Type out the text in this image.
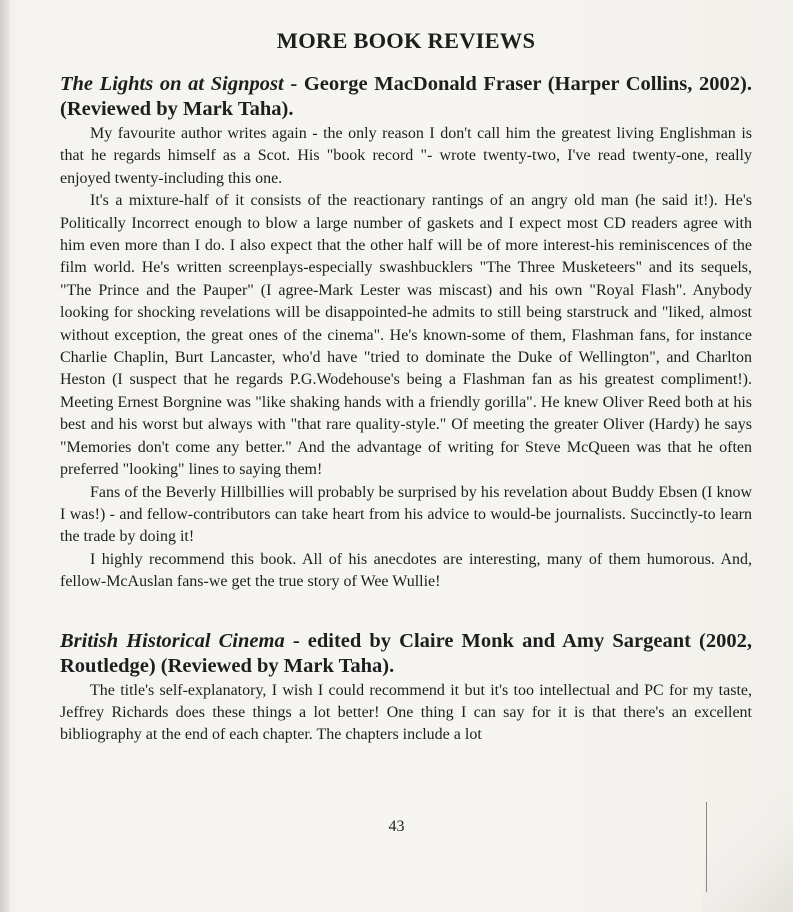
MORE BOOK REVIEWS
The Lights on at Signpost - George MacDonald Fraser (Harper Collins, 2002). (Reviewed by Mark Taha).

My favourite author writes again - the only reason I don't call him the greatest living Englishman is that he regards himself as a Scot. His "book record "- wrote twenty-two, I've read twenty-one, really enjoyed twenty-including this one.

It's a mixture-half of it consists of the reactionary rantings of an angry old man (he said it!). He's Politically Incorrect enough to blow a large number of gaskets and I expect most CD readers agree with him even more than I do. I also expect that the other half will be of more interest-his reminiscences of the film world. He's written screenplays-especially swashbucklers "The Three Musketeers" and its sequels, "The Prince and the Pauper" (I agree-Mark Lester was miscast) and his own "Royal Flash". Anybody looking for shocking revelations will be disappointed-he admits to still being starstruck and "liked, almost without exception, the great ones of the cinema". He's known-some of them, Flashman fans, for instance Charlie Chaplin, Burt Lancaster, who'd have "tried to dominate the Duke of Wellington", and Charlton Heston (I suspect that he regards P.G.Wodehouse's being a Flashman fan as his greatest compliment!). Meeting Ernest Borgnine was "like shaking hands with a friendly gorilla". He knew Oliver Reed both at his best and his worst but always with "that rare quality-style." Of meeting the greater Oliver (Hardy) he says "Memories don't come any better." And the advantage of writing for Steve McQueen was that he often preferred "looking" lines to saying them!

Fans of the Beverly Hillbillies will probably be surprised by his revelation about Buddy Ebsen (I know I was!) - and fellow-contributors can take heart from his advice to would-be journalists. Succinctly-to learn the trade by doing it!

I highly recommend this book. All of his anecdotes are interesting, many of them humorous. And, fellow-McAuslan fans-we get the true story of Wee Wullie!

British Historical Cinema - edited by Claire Monk and Amy Sargeant (2002, Routledge) (Reviewed by Mark Taha).

The title's self-explanatory, I wish I could recommend it but it's too intellectual and PC for my taste, Jeffrey Richards does these things a lot better! One thing I can say for it is that there's an excellent bibliography at the end of each chapter. The chapters include a lot

43
